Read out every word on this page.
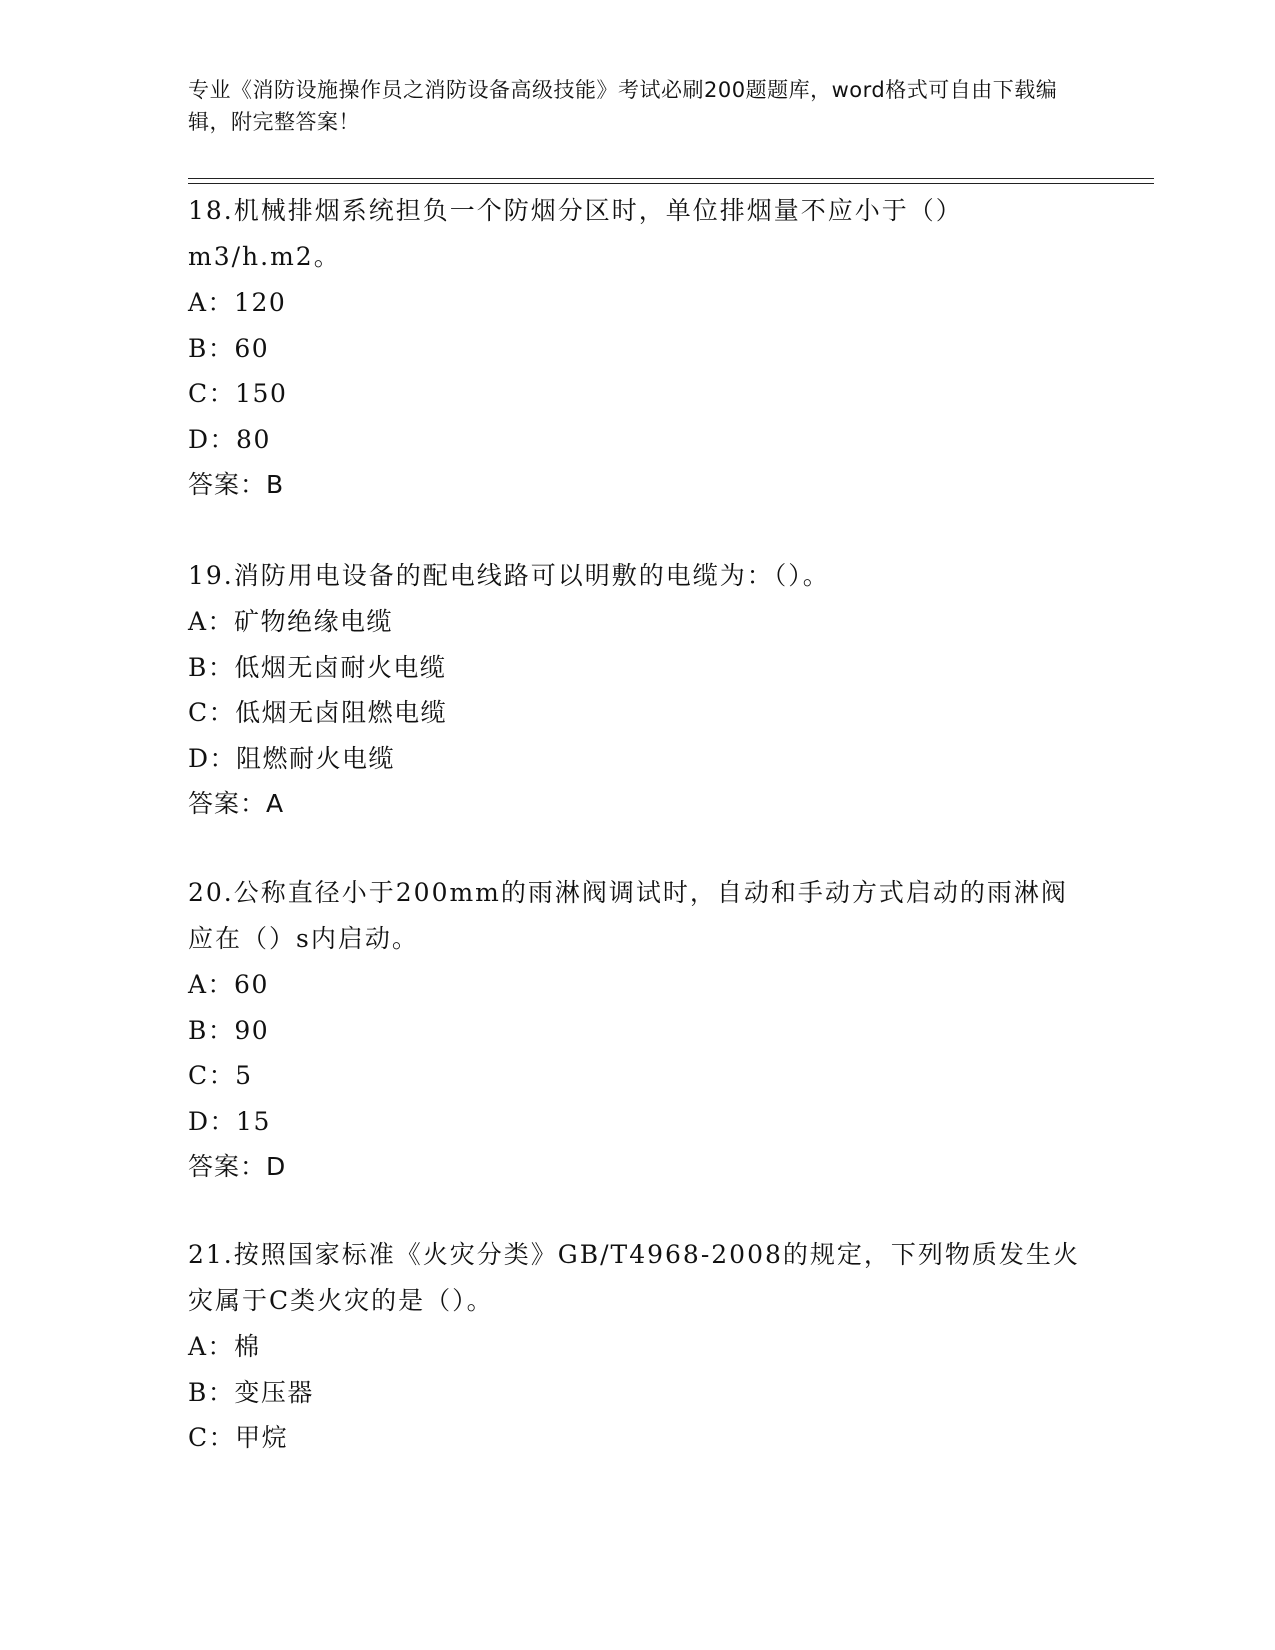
专业《消防设施操作员之消防设备高级技能》考试必刷200题题库，word格式可自由下载编辑，附完整答案！
18.机械排烟系统担负一个防烟分区时，单位排烟量不应小于（）m3/h.m2。
A：120
B：60
C：150
D：80
答案：B
19.消防用电设备的配电线路可以明敷的电缆为：（）。
A：矿物绝缘电缆
B：低烟无卤耐火电缆
C：低烟无卤阻燃电缆
D：阻燃耐火电缆
答案：A
20.公称直径小于200mm的雨淋阀调试时，自动和手动方式启动的雨淋阀应在（）s内启动。
A：60
B：90
C：5
D：15
答案：D
21.按照国家标准《火灾分类》GB/T4968-2008的规定，下列物质发生火灾属于C类火灾的是（）。
A：棉
B：变压器
C：甲烷
